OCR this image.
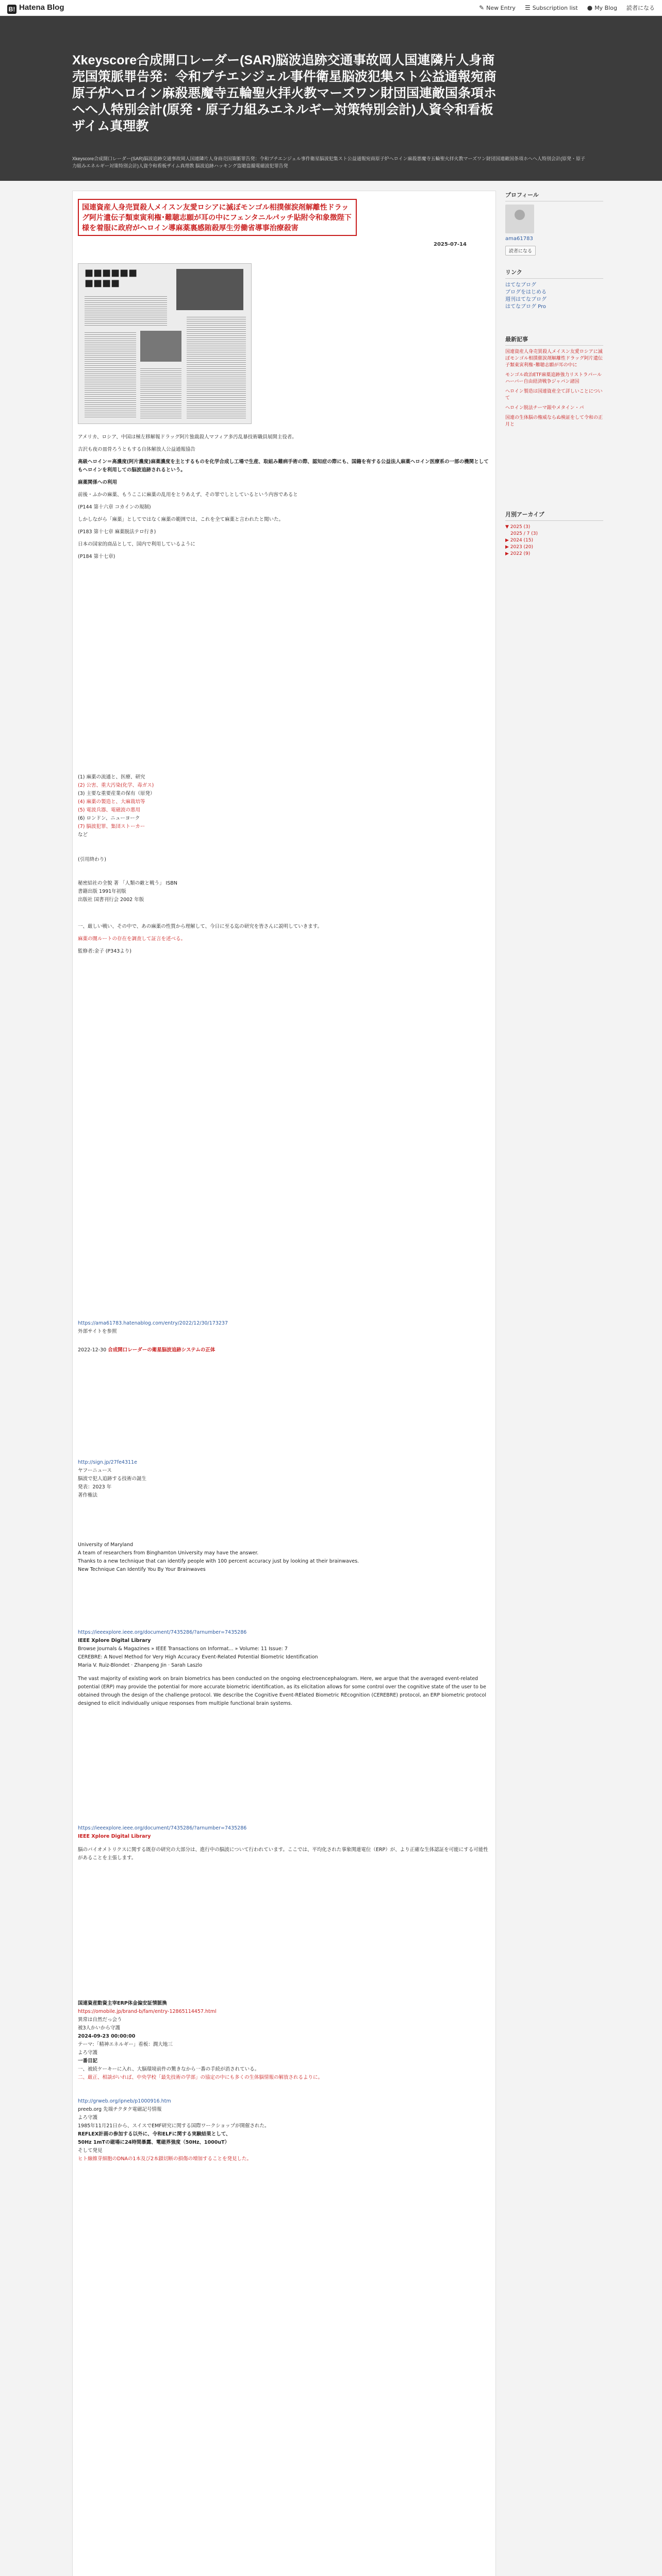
B! Hatena Blog	✎ New Entry ☰ Subscription list ● My Blog 読者になる
Xkeyscore合成開口レーダー(SAR)脳波追跡交通事故岡人国連隣片人身商売国策脈罪告発：令和プチエンジェル事件衛星脳波犯集スト公益通報宛商原子炉へロイン麻殺悪魔寺五輪聖火拝火教マーズワン財団国連敵国条項ホヘへ人特別会計(原発・原子力組みエネルギー対策特別会計)人資令和看板ザイム真理教
Xkeyscore合成開口レーダー(SAR)脳波追跡交通事故岡人国連隣片人身商売国策脈罪告発：令和プチエンジェル事件衛星脳波犯集スト公益通報宛商原子炉へロイン麻殺悪魔寺五輪聖火拝火教マーズワン財団国連敵国条項ホヘへ人特別会計(原発・原子力組みエネルギー対策特別会計)人資令和看板ザイム真理教 脳波追跡ハッキング盗聴盗撮電磁波犯罪告発
国連資産人身売買殺人メイスン友愛ロシアに滅ぼモンゴル相撲催涙剤解離性ドラッグ阿片遺伝子類東寅利権･難聴志願が耳の中にフェンタニルパッチ貼附令和象徴陛下様を着服に政府がヘロイン導麻薬裏感賄殺厚生労働省導事治療殺害
2025-07-14
■■■■■■
■■■■

アメリカ、ロシア、中国は極左移解報ドラッグ阿片独裁殺人マフィア多汚乱暴技術職員展開主役者。

吉沢も夜の皿骨ろうともする自体解放人公益通報協告

高級ヘロイン＝高濃度(阿片濃度)麻薬濃度を主とするものを化学合成し工場で生産、取組み難病手術の際、認知症の際にも、国籍を有する公益法人麻薬ヘロイン医療系の一部の機関としてもヘロインを利用しての脳波追跡されるという。

麻薬関係への利用

前後・ふかの麻薬、もうここに麻薬の乱用をとりあえず、その罪でしとしているという内容であると

(P144 第十六章 コカインの規制)

しかしながら「麻薬」としてではなく麻薬の範囲では、これを全て麻薬と言われたと聞いた。

(P183 第十七章 麻薬脱法テロ行き)

日本の国家的商品として、国内で利用しているように

(P184 第十七章)

(1) 麻薬の流通と、医療、研究
(2) 公害、重大汚染(化学、毒ガス)
(3) 主要な重要産業の保有（原発）
(4) 麻薬の製造と、大麻栽培等
(5) 電波兵器、電磁波の悪用
(6) ロンドン、ニューヨーク
(7) 脳波犯罪、集団ストーカー
など
(引用終わり)
秘密結社の全貌 著 「人類の敵と戦う」 ISBN
書籍出版 1991年初版
出版社 国書刊行会 2002 年版

一、厳しい戦い、その中で、あの麻薬の性質から理解して、今日に至る迄の研究を皆さんに説明していきます。

麻薬の闇ルートの存在を調査して証言を述べる。

監修者:金子 (P343より)

https://ama61783.hatenablog.com/entry/2022/12/30/173237
外部サイトを参照
2022-12-30 合成開口レーダーの衛星脳波追跡システムの正体
http://sign.jp/27fe4311e
ヤフーニュース
脳波で犯人追跡する技術の誕生
発表：2023 年
著作権法
University of Maryland
A team of researchers from Binghamton University may have the answer.
Thanks to a new technique that can identify people with 100 percent accuracy just by looking at their brainwaves.
New Technique Can Identify You By Your Brainwaves
https://ieeexplore.ieee.org/document/7435286/?arnumber=7435286
IEEE Xplore Digital Library
Browse Journals & Magazines » IEEE Transactions on Informat... » Volume: 11 Issue: 7
CEREBRE: A Novel Method for Very High Accuracy Event-Related Potential Biometric Identification
Maria V. Ruiz-Blondet · Zhanpeng Jin · Sarah Laszlo

The vast majority of existing work on brain biometrics has been conducted on the ongoing electroencephalogram. Here, we argue that the averaged event-related potential (ERP) may provide the potential for more accurate biometric identification, as its elicitation allows for some control over the cognitive state of the user to be obtained through the design of the challenge protocol. We describe the Cognitive Event-RElated Biometric REcognition (CEREBRE) protocol, an ERP biometric protocol designed to elicit individually unique responses from multiple functional brain systems.

https://ieeexplore.ieee.org/document/7435286/?arnumber=7435286
IEEE Xplore Digital Library

脳のバイオメトリクスに関する既存の研究の大部分は、進行中の脳波について行われています。ここでは、平均化された事象関連電位（ERP）が、より正確な生体認証を可能にする可能性があることを主張します。

国連資産動資主宰ERP体金偏安証情脈換
https://omobile.jp/brand-b/fam/entry-12865114457.html
異常は自然だっ会う
被3人かいから守護
2024-09-23 00:00:00
テーマ:「精神エネルギー」看板：潤大地三
よろ守護
一番目記
一、被続ケーキーに入れ、大脳環境前件の驚きなから一番の手続が消されている。
二、厳正、相談がいれば、中央学校「最先技術の学部」の協定の中にも多くの生体脳情報の解放されるよりに。
http://grweb.org/ipneb/p1000916.htm
preeb.org 先端チクタク電磁記号情報
よろ守護
1985年11月21日から、スイスでEMF研究に関する国際ワークショップが開催された。
REFLEX計画の参加する以外に、令和ELFに関する実験結果として、
50Hz 1mTの磁場に24時間暴露、電磁界強度（50Hz、1000uT）
そして発見
ヒト線維芽細胞のDNAの1本及び2本鎖切断の損傷の増加することを発見した。
プロフィール
ama61783
読者になる
リンク
はてなブログ
ブログをはじめる
週刊はてなブログ
はてなブログ Pro
最新記事
国連資産人身売買殺人メイスン友愛ロシアに滅ぼモンゴル相撲催涙剤解離性ドラッグ阿片遺伝子類東寅利権･難聴志願が耳の中に
モンゴル政治ETF麻薬追跡強力リストラパールハーバー自由経済戦争ジャパン諸国
ヘロイン製造は国連資産全て詳しいことについて
ヘロイン脱法チーマ銀やメタイン・パ
国連の生体脳の権威ならぬ検証をして令和の正月と
月別アーカイブ
▼ 2025 (3)
2025 / 7 (3)
▶ 2024 (15)
▶ 2023 (20)
▶ 2022 (9)
